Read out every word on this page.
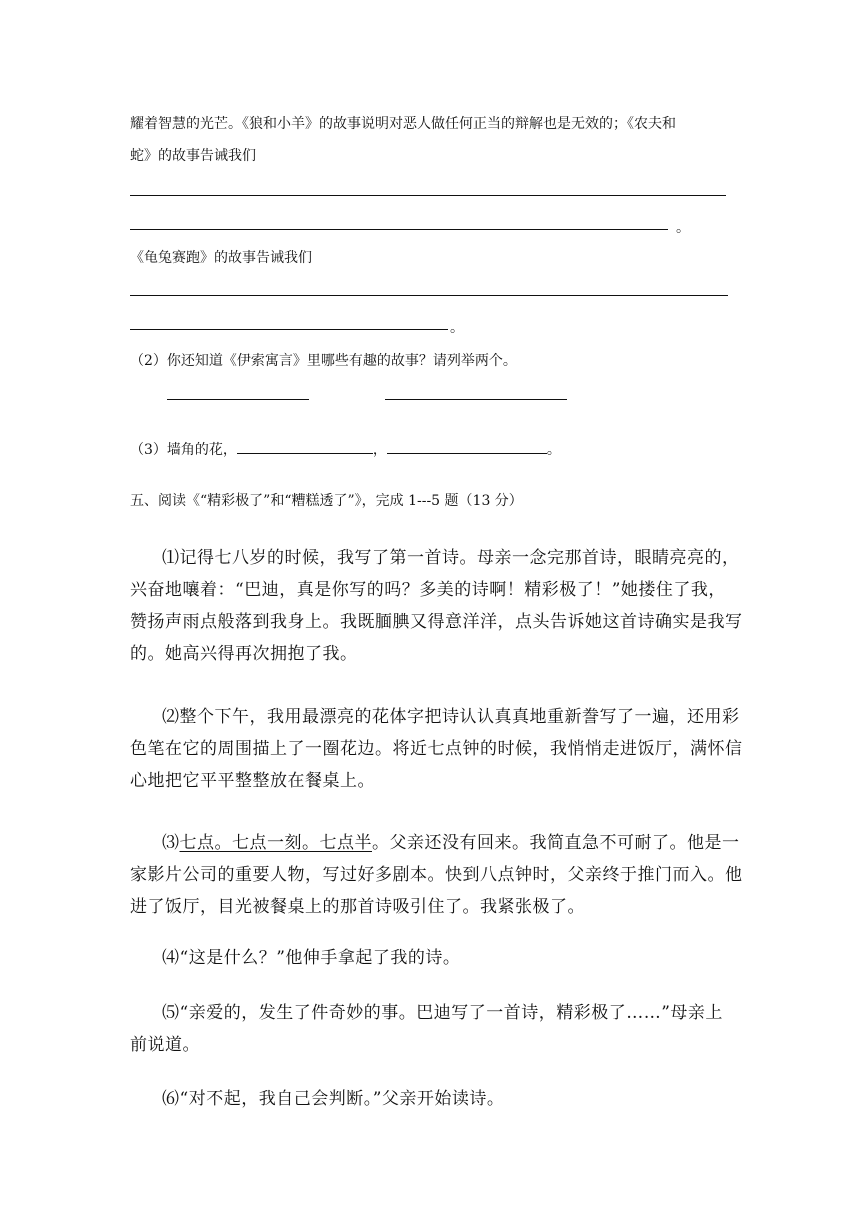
耀着智慧的光芒。《狼和小羊》的故事说明对恶人做任何正当的辩解也是无效的；《农夫和
蛇》的故事告诫我们
。
《龟兔赛跑》的故事告诫我们
。
（2）你还知道《伊索寓言》里哪些有趣的故事？请列举两个。
（3）墙角的花，	，	。
五、阅读《“精彩极了”和“糟糕透了”》，完成 1---5 题（13 分）
⑴记得七八岁的时候，我写了第一首诗。母亲一念完那首诗，眼睛亮亮的，
兴奋地嚷着：“巴迪，真是你写的吗？多美的诗啊！精彩极了！”她搂住了我，
赞扬声雨点般落到我身上。我既腼腆又得意洋洋，点头告诉她这首诗确实是我写
的。她高兴得再次拥抱了我。
⑵整个下午，我用最漂亮的花体字把诗认认真真地重新誊写了一遍，还用彩
色笔在它的周围描上了一圈花边。将近七点钟的时候，我悄悄走进饭厅，满怀信
心地把它平平整整放在餐桌上。
⑶七点。七点一刻。七点半。父亲还没有回来。我简直急不可耐了。他是一
家影片公司的重要人物，写过好多剧本。快到八点钟时，父亲终于推门而入。他
进了饭厅，目光被餐桌上的那首诗吸引住了。我紧张极了。
⑷“这是什么？”他伸手拿起了我的诗。
⑸“亲爱的，发生了件奇妙的事。巴迪写了一首诗，精彩极了……”母亲上
前说道。
⑹“对不起，我自己会判断。”父亲开始读诗。
